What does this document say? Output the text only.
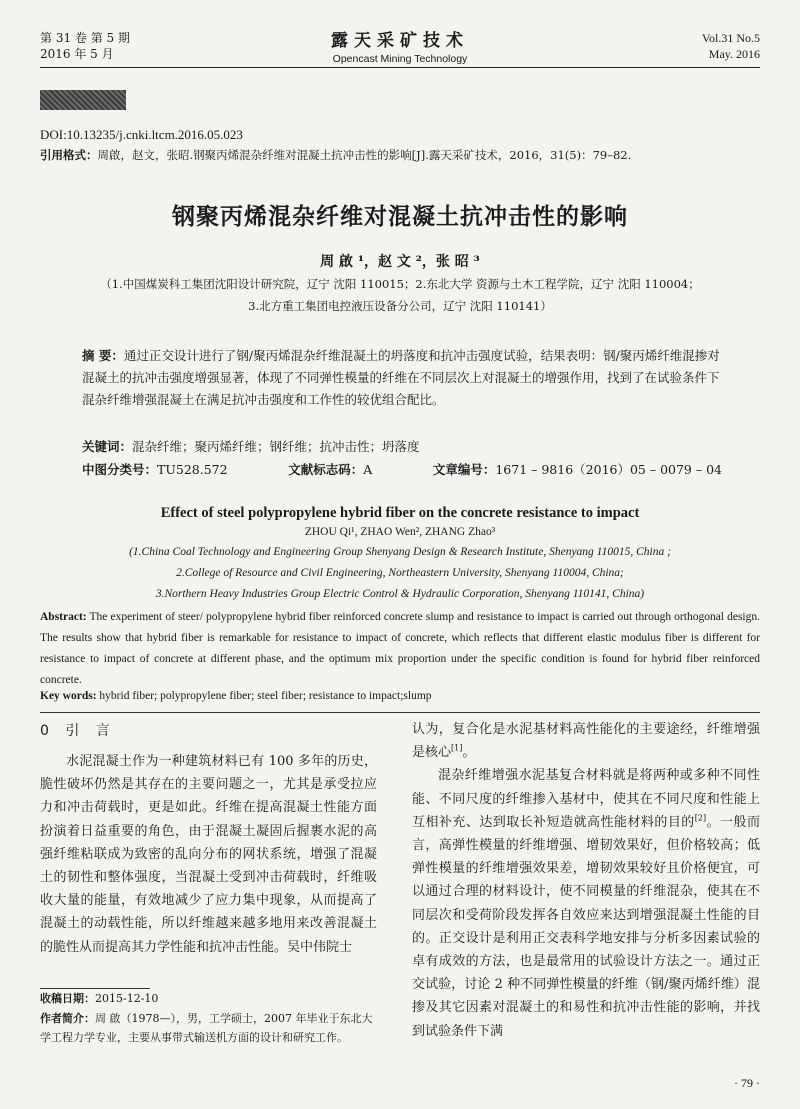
第 31 卷 第 5 期
2016 年 5 月
露天采矿技术
Opencast Mining Technology
Vol.31 No.5
May. 2016
DOI:10.13235/j.cnki.ltcm.2016.05.023
引用格式：周啟，赵文，张昭.钢聚丙烯混杂纤维对混凝土抗冲击性的影响[J].露天采矿技术，2016，31(5)：79–82.
钢聚丙烯混杂纤维对混凝土抗冲击性的影响
周 啟 ¹，赵 文 ²，张 昭 ³
（1.中国煤炭科工集团沈阳设计研究院，辽宁 沈阳 110015；2.东北大学 资源与土木工程学院，辽宁 沈阳 110004；
3.北方重工集团电控液压设备分公司，辽宁 沈阳 110141）
摘 要：通过正交设计进行了钢/聚丙烯混杂纤维混凝土的坍落度和抗冲击强度试验，结果表明：钢/聚丙烯纤维混掺对混凝土的抗冲击强度增强显著，体现了不同弹性模量的纤维在不同层次上对混凝土的增强作用，找到了在试验条件下混杂纤维增强混凝土在满足抗冲击强度和工作性的较优组合配比。
关键词：混杂纤维；聚丙烯纤维；钢纤维；抗冲击性；坍落度
中图分类号：TU528.572	文献标志码：A	文章编号：1671 – 9816（2016）05 – 0079 – 04
Effect of steel polypropylene hybrid fiber on the concrete resistance to impact
ZHOU Qi¹, ZHAO Wen², ZHANG Zhao³
(1.China Coal Technology and Engineering Group Shenyang Design & Research Institute, Shenyang 110015, China ;
2.College of Resource and Civil Engineering, Northeastern University, Shenyang 110004, China;
3.Northern Heavy Industries Group Electric Control & Hydraulic Corporation, Shenyang 110141, China)
Abstract: The experiment of steer/ polypropylene hybrid fiber reinforced concrete slump and resistance to impact is carried out through orthogonal design. The results show that hybrid fiber is remarkable for resistance to impact of concrete, which reflects that different elastic modulus fiber is different for resistance to impact of concrete at different phase, and the optimum mix proportion under the specific condition is found for hybrid fiber reinforced concrete.
Key words: hybrid fiber; polypropylene fiber; steel fiber; resistance to impact;slump
0 引 言

水泥混凝土作为一种建筑材料已有 100 多年的历史，脆性破坏仍然是其存在的主要问题之一，尤其是承受拉应力和冲击荷载时，更是如此。纤维在提高混凝土性能方面扮演着日益重要的角色，由于混凝土凝固后握裹水泥的高强纤维粘联成为致密的乱向分布的网状系统，增强了混凝土的韧性和整体强度，当混凝土受到冲击荷载时，纤维吸收大量的能量，有效地减少了应力集中现象，从而提高了混凝土的动载性能，所以纤维越来越多地用来改善混凝土的脆性从而提高其力学性能和抗冲击性能。吴中伟院士

认为，复合化是水泥基材料高性能化的主要途经，纤维增强是核心[1]。

混杂纤维增强水泥基复合材料就是将两种或多种不同性能、不同尺度的纤维掺入基材中，使其在不同尺度和性能上互相补充、达到取长补短造就高性能材料的目的[2]。一般而言，高弹性模量的纤维增强、增韧效果好，但价格较高；低弹性模量的纤维增强效果差，增韧效果较好且价格便宜，可以通过合理的材料设计，使不同模量的纤维混杂，使其在不同层次和受荷阶段发挥各自效应来达到增强混凝土性能的目的。正交设计是利用正交表科学地安排与分析多因素试验的卓有成效的方法，也是最常用的试验设计方法之一。通过正交试验，讨论 2 种不同弹性模量的纤维（钢/聚丙烯纤维）混掺及其它因素对混凝土的和易性和抗冲击性能的影响，并找到试验条件下满

收稿日期：2015-12-10
作者简介：周 啟（1978—），男，工学硕士，2007 年毕业于东北大学工程力学专业，主要从事带式输送机方面的设计和研究工作。
· 79 ·
